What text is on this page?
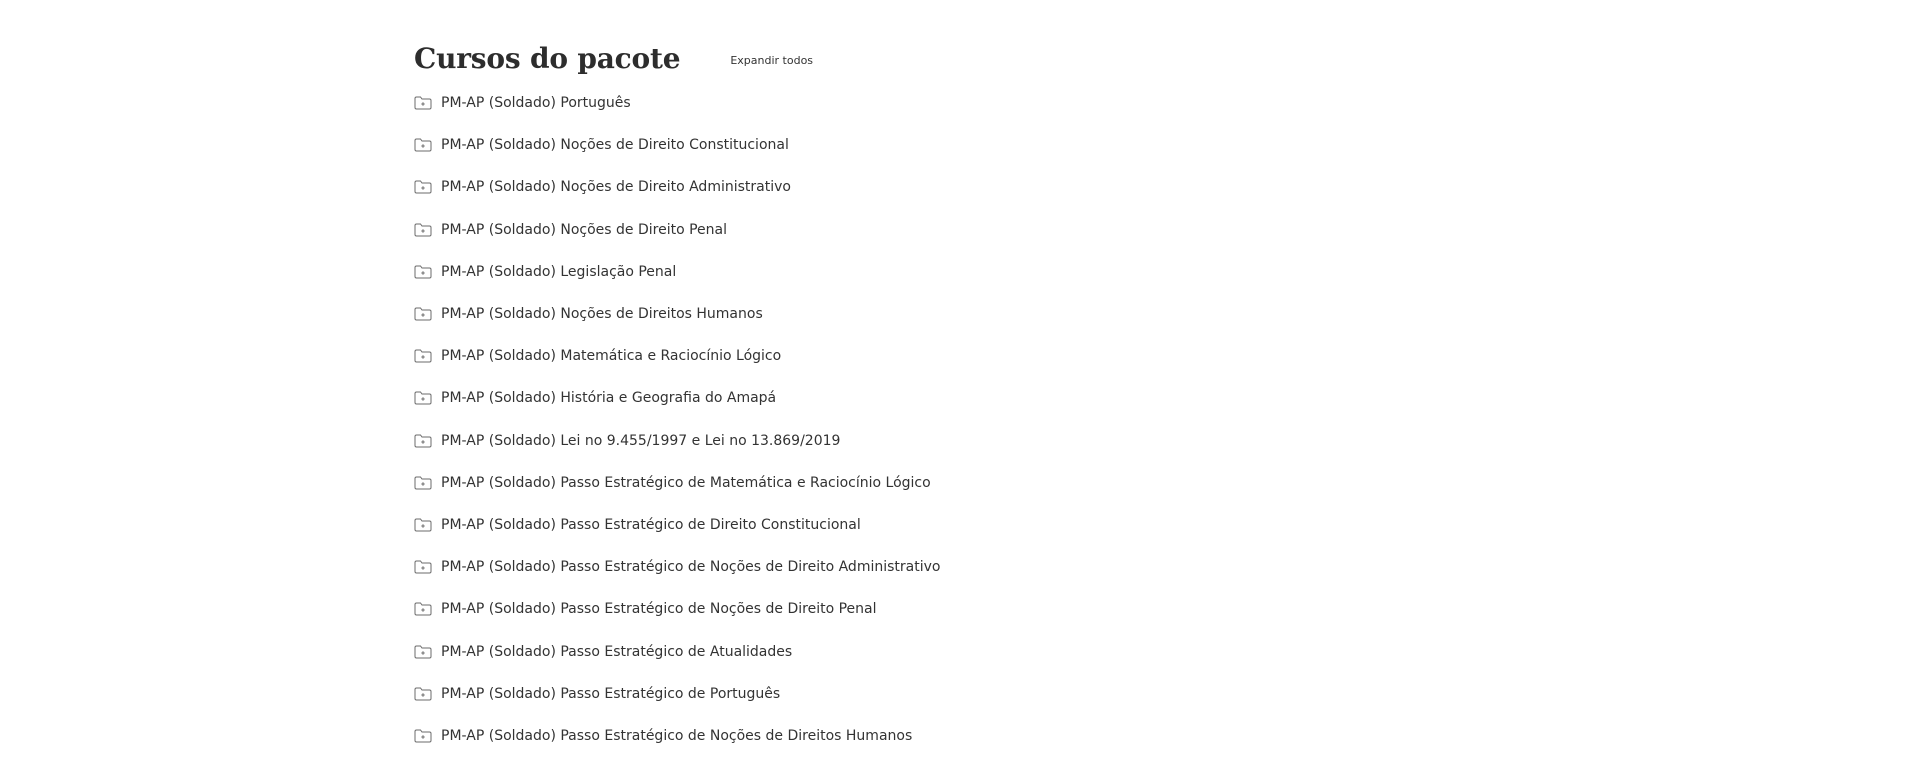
Cursos do pacote	Expandir todos
PM-AP (Soldado) Português
PM-AP (Soldado) Noções de Direito Constitucional
PM-AP (Soldado) Noções de Direito Administrativo
PM-AP (Soldado) Noções de Direito Penal
PM-AP (Soldado) Legislação Penal
PM-AP (Soldado) Noções de Direitos Humanos
PM-AP (Soldado) Matemática e Raciocínio Lógico
PM-AP (Soldado) História e Geografia do Amapá
PM-AP (Soldado) Lei no 9.455/1997 e Lei no 13.869/2019
PM-AP (Soldado) Passo Estratégico de Matemática e Raciocínio Lógico
PM-AP (Soldado) Passo Estratégico de Direito Constitucional
PM-AP (Soldado) Passo Estratégico de Noções de Direito Administrativo
PM-AP (Soldado) Passo Estratégico de Noções de Direito Penal
PM-AP (Soldado) Passo Estratégico de Atualidades
PM-AP (Soldado) Passo Estratégico de Português
PM-AP (Soldado) Passo Estratégico de Noções de Direitos Humanos
